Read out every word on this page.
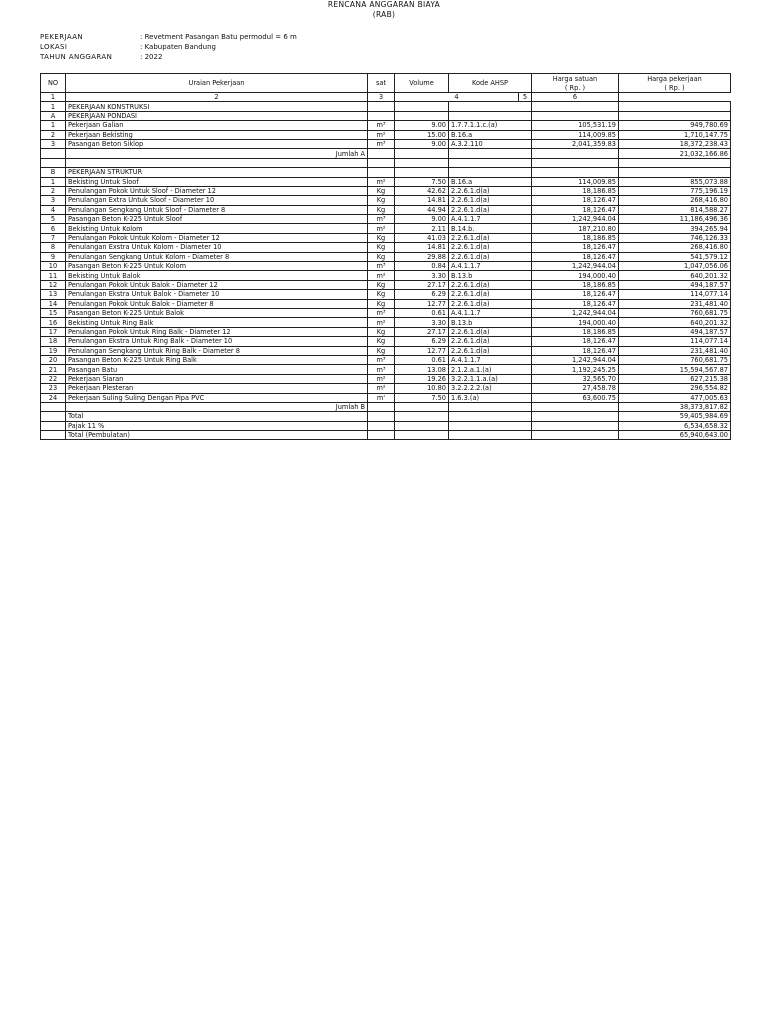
RENCANA ANGGARAN BIAYA
(RAB)
PEKERJAAN	: Revetment Pasangan Batu permodul = 6 m
LOKASI	: Kabupaten Bandung
TAHUN ANGGARAN	: 2022
NO	Uraian Pekerjaan	sat	Volume	Kode AHSP		Harga satuan	Harga pekerjaan
						( Rp. )	( Rp. )
1	2	3	4		5	6	
1	PEKERJAAN KONSTRUKSI						
A	PEKERJAAN PONDASI						
1	Pekerjaan Galian	m³	9.00	1.7.7.1.1.c.(a)		105,531.19	949,780.69
2	Pekerjaan Bekisting	m²	15.00	B.16.a		114,009.85	1,710,147.75
3	Pasangan Beton Siklop	m³	9.00	A.3.2.110		2,041,359.83	18,372,238.43
	Jumlah A						21,032,166.86

B	PEKERJAAN STRUKTUR						
1	Bekisting Untuk Sloof	m²	7.50	B.16.a		114,009.85	855,073.88
2	Penulangan Pokok Untuk Sloof - Diameter 12	Kg	42.62	2.2.6.1.d(a)		18,186.85	775,196.19
3	Penulangan Extra Untuk Sloof - Diameter 10	Kg	14.81	2.2.6.1.d(a)		18,126.47	268,416.80
4	Penulangan Sengkang Untuk Sloof - Diameter 8	Kg	44.94	2.2.6.1.d(a)		18,126.47	814,588.27
5	Pasangan Beton K-225 Untuk Sloof	m³	9.00	A.4.1.1.7		1,242,944.04	11,186,496.36
6	Bekisting Untuk Kolom	m²	2.11	B.14.b.		187,210.80	394,265.94
7	Penulangan Pokok Untuk Kolom - Diameter 12	Kg	41.03	2.2.6.1.d(a)		18,186.85	746,126.33
8	Penulangan Exstra Untuk Kolom - Diameter 10	Kg	14.81	2.2.6.1.d(a)		18,126.47	268,416.80
9	Penulangan Sengkang Untuk Kolom - Diameter 8	Kg	29.88	2.2.6.1.d(a)		18,126.47	541,579.12
10	Pasangan Beton K-225 Untuk Kolom	m³	0.84	A.4.1.1.7		1,242,944.04	1,047,056.06
11	Bekisting Untuk Balok	m²	3.30	B.13.b		194,000.40	640,201.32
12	Penulangan Pokok Untuk Balok - Diameter 12	Kg	27.17	2.2.6.1.d(a)		18,186.85	494,187.57
13	Penulangan Ekstra Untuk Balok - Diameter 10	Kg	6.29	2.2.6.1.d(a)		18,126.47	114,077.14
14	Penulangan Pokok Untuk Balok - Diameter 8	Kg	12.77	2.2.6.1.d(a)		18,126.47	231,481.40
15	Pasangan Beton K-225 Untuk Balok	m³	0.61	A.4.1.1.7		1,242,944.04	760,681.75
16	Bekisting Untuk Ring Balk	m²	3.30	B.13.b		194,000.40	640,201.32
17	Penulangan Pokok Untuk Ring Balk - Diameter 12	Kg	27.17	2.2.6.1.d(a)		18,186.85	494,187.57
18	Penulangan Ekstra Untuk Ring Balk - Diameter 10	Kg	6.29	2.2.6.1.d(a)		18,126.47	114,077.14
19	Penulangan Sengkang Untuk Ring Balk - Diameter 8	Kg	12.77	2.2.6.1.d(a)		18,126.47	231,481.40
20	Pasangan Beton K-225 Untuk Ring Balk	m³	0.61	A.4.1.1.7		1,242,944.04	760,681.75
21	Pasangan Batu	m³	13.08	2.1.2.a.1.(a)		1,192,245.25	15,594,567.87
22	Pekerjaan Siaran	m²	19.26	3.2.2.1.1.a.(a)		32,565.70	627,215.38
23	Pekerjaan Plesteran	m²	10.80	3.2.2.2.2.(a)		27,458.78	296,554.82
24	Pekerjaan Suling Suling Dengan Pipa PVC	m'	7.50	1.6.3.(a)		63,600.75	477,005.63
	Jumlah B						38,373,817.82
	Total						59,405,984.69
	Pajak 11 %						6,534,658.32
	Total (Pembulatan)						65,940,643.00
